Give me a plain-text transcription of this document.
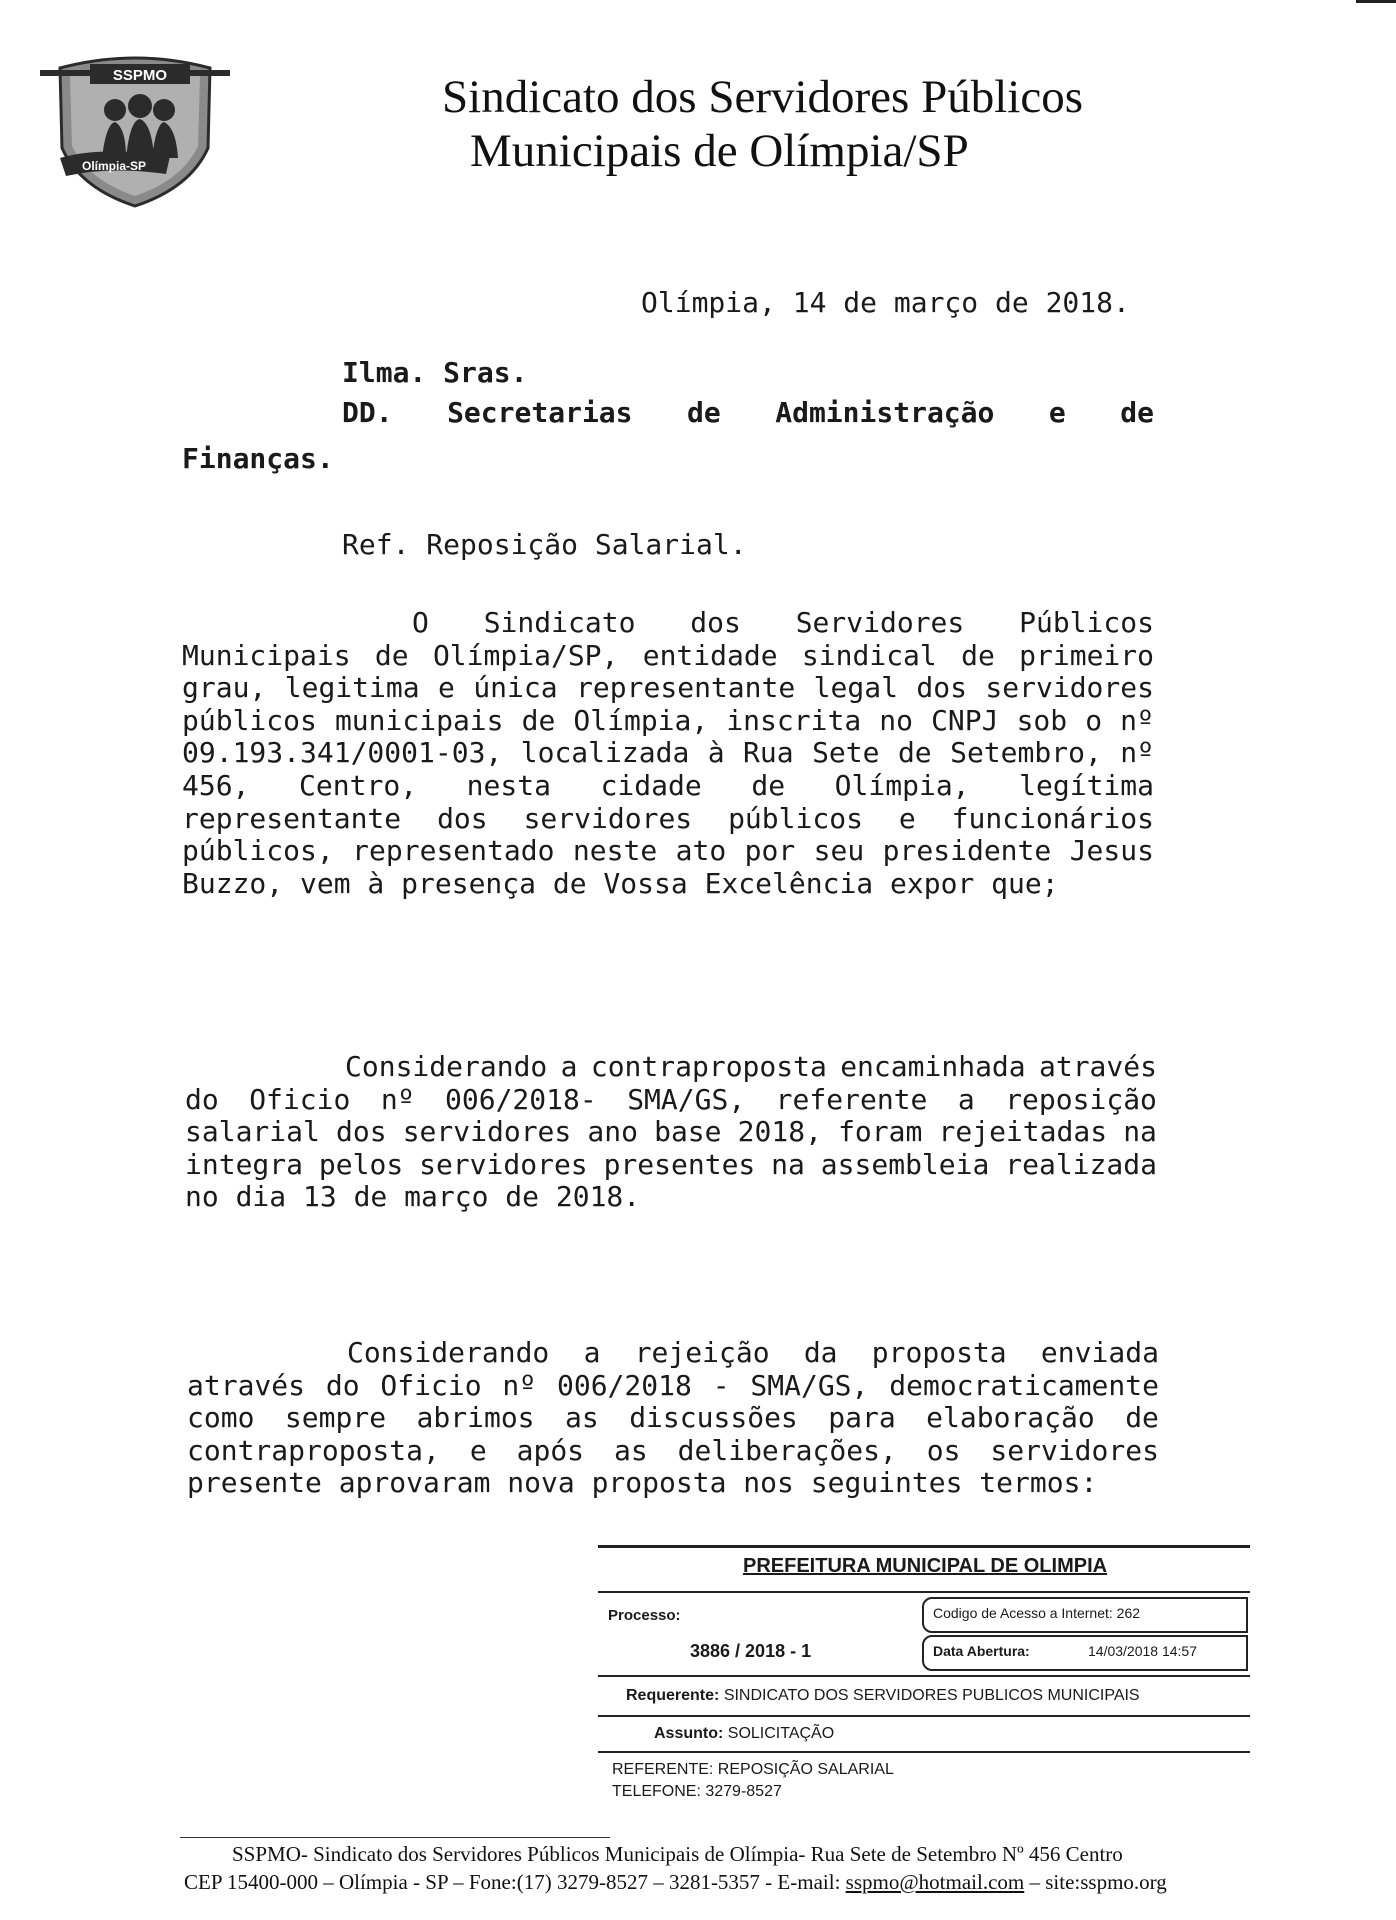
SSPMO
Olímpia-SP
Sindicato dos Servidores Públicos
Municipais de Olímpia/SP
Olímpia, 14 de março de 2018.
Ilma. Sras.
DD. Secretarias de Administração e de
Finanças.
Ref. Reposição Salarial.
O Sindicato dos Servidores Públicos
Municipais de Olímpia/SP, entidade sindical de primeiro
grau, legitima e única representante legal dos servidores
públicos municipais de Olímpia, inscrita no CNPJ sob o nº
09.193.341/0001-03, localizada à Rua Sete de Setembro, nº
456, Centro, nesta cidade de Olímpia, legítima
representante dos servidores públicos e funcionários
públicos, representado neste ato por seu presidente Jesus
Buzzo, vem à presença de Vossa Excelência expor que;
Considerando a contraproposta encaminhada através
do Oficio nº 006/2018- SMA/GS, referente a reposição
salarial dos servidores ano base 2018, foram rejeitadas na
integra pelos servidores presentes na assembleia realizada
no dia 13 de março de 2018.
Considerando a rejeição da proposta enviada
através do Oficio nº 006/2018 - SMA/GS, democraticamente
como sempre abrimos as discussões para elaboração de
contraproposta, e após as deliberações, os servidores
presente aprovaram nova proposta nos seguintes termos:
PREFEITURA MUNICIPAL DE OLIMPIA
Processo:
3886 / 2018 - 1
Codigo de Acesso a Internet: 262
Data Abertura:	14/03/2018 14:57
Requerente: SINDICATO DOS SERVIDORES PUBLICOS MUNICIPAIS
Assunto: SOLICITAÇÃO
REFERENTE: REPOSIÇÃO SALARIAL
TELEFONE: 3279-8527
SSPMO- Sindicato dos Servidores Públicos Municipais de Olímpia- Rua Sete de Setembro Nº 456 Centro
CEP 15400-000 – Olímpia - SP – Fone:(17) 3279-8527 – 3281-5357 - E-mail: sspmo@hotmail.com – site:sspmo.org
